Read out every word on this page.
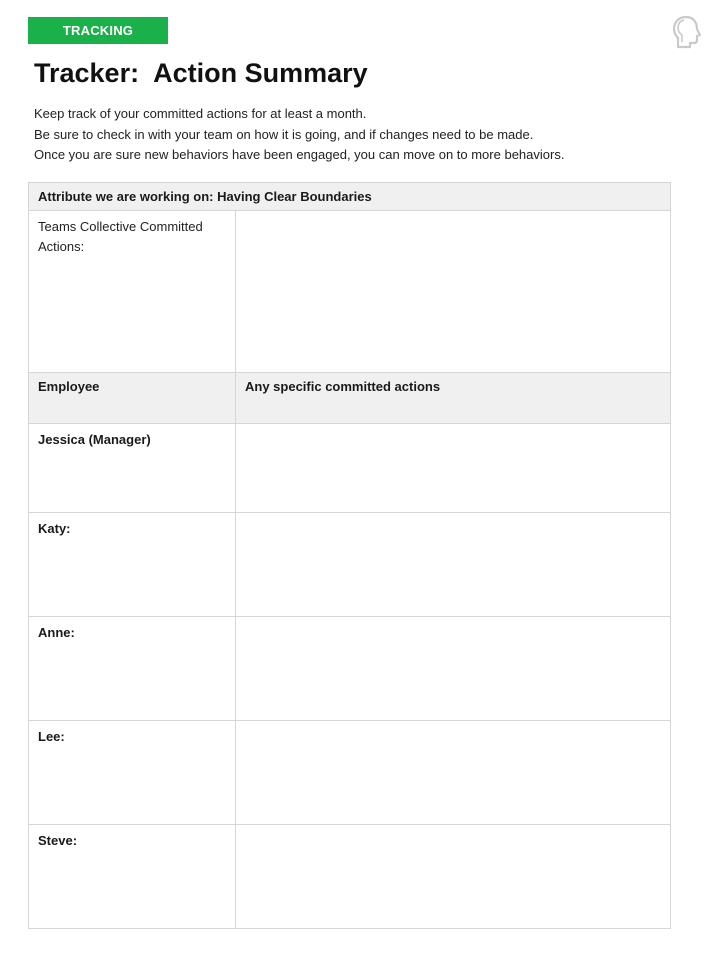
TRACKING
Tracker:  Action Summary
Keep track of your committed actions for at least a month.
Be sure to check in with your team on how it is going, and if changes need to be made.
Once you are sure new behaviors have been engaged, you can move on to more behaviors.
Attribute we are working on: Having Clear Boundaries	
Teams Collective Committed Actions:	
Employee	Any specific committed actions
Jessica (Manager)	
Katy:	
Anne:	
Lee:	
Steve:	
